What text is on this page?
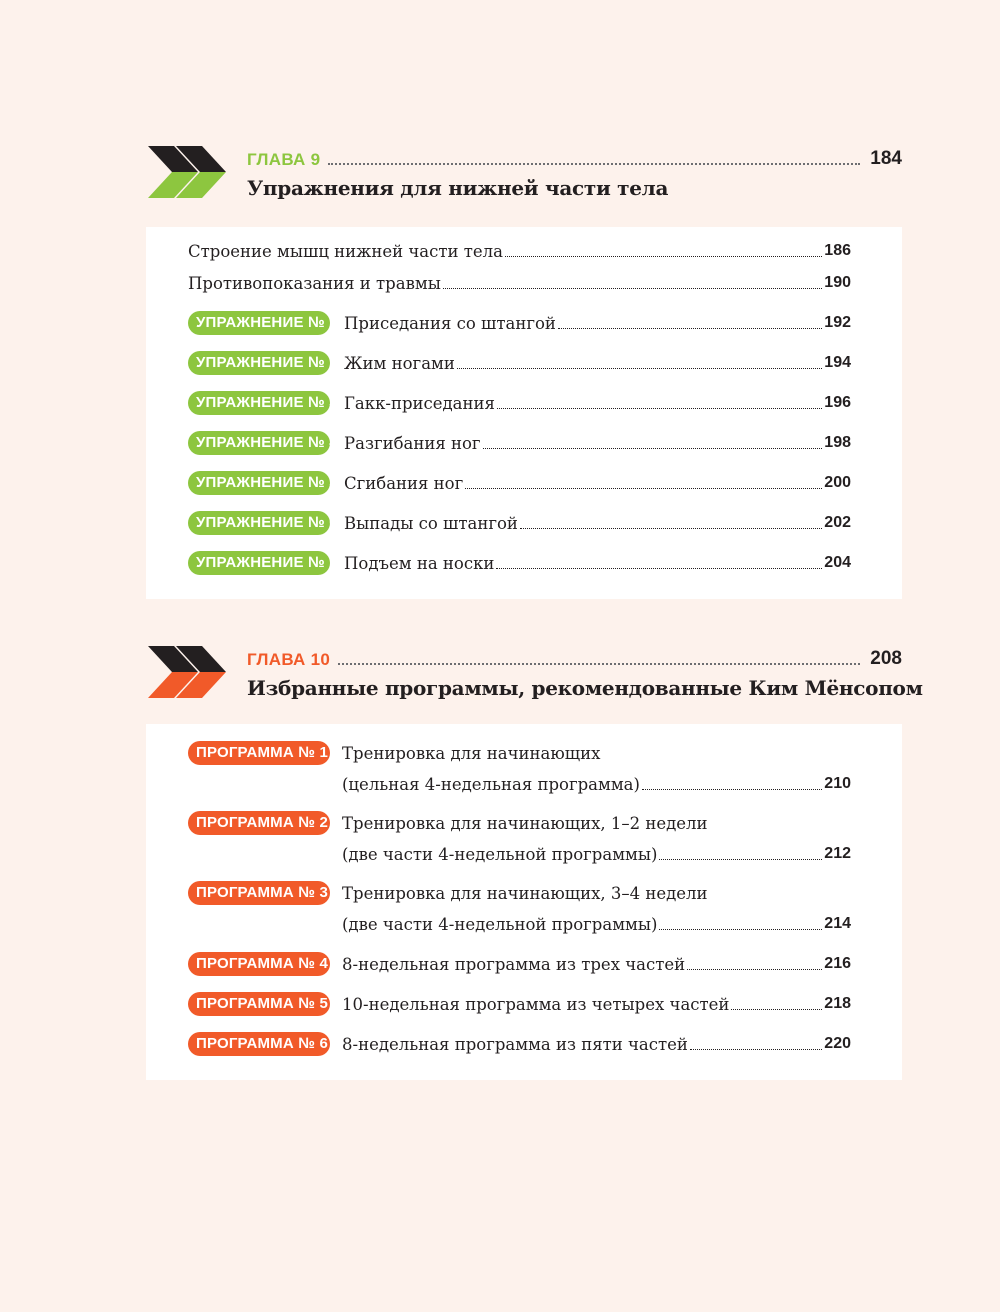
ГЛАВА 9	184
Упражнения для нижней части тела
Строение мышц нижней части тела	186
Противопоказания и травмы	190
УПРАЖНЕНИЕ № 1 Приседания со штангой	192
УПРАЖНЕНИЕ № 2 Жим ногами	194
УПРАЖНЕНИЕ № 3 Гакк-приседания	196
УПРАЖНЕНИЕ № 4 Разгибания ног	198
УПРАЖНЕНИЕ № 5 Сгибания ног	200
УПРАЖНЕНИЕ № 6 Выпады со штангой	202
УПРАЖНЕНИЕ № 7 Подъем на носки	204
ГЛАВА 10	208
Избранные программы, рекомендованные Ким Мёнсопом
ПРОГРАММА № 1 Тренировка для начинающих
(цельная 4-недельная программа)	210
ПРОГРАММА № 2 Тренировка для начинающих, 1–2 недели
(две части 4-недельной программы)	212
ПРОГРАММА № 3 Тренировка для начинающих, 3–4 недели
(две части 4-недельной программы)	214
ПРОГРАММА № 4 8-недельная программа из трех частей	216
ПРОГРАММА № 5 10-недельная программа из четырех частей	218
ПРОГРАММА № 6 8-недельная программа из пяти частей	220
